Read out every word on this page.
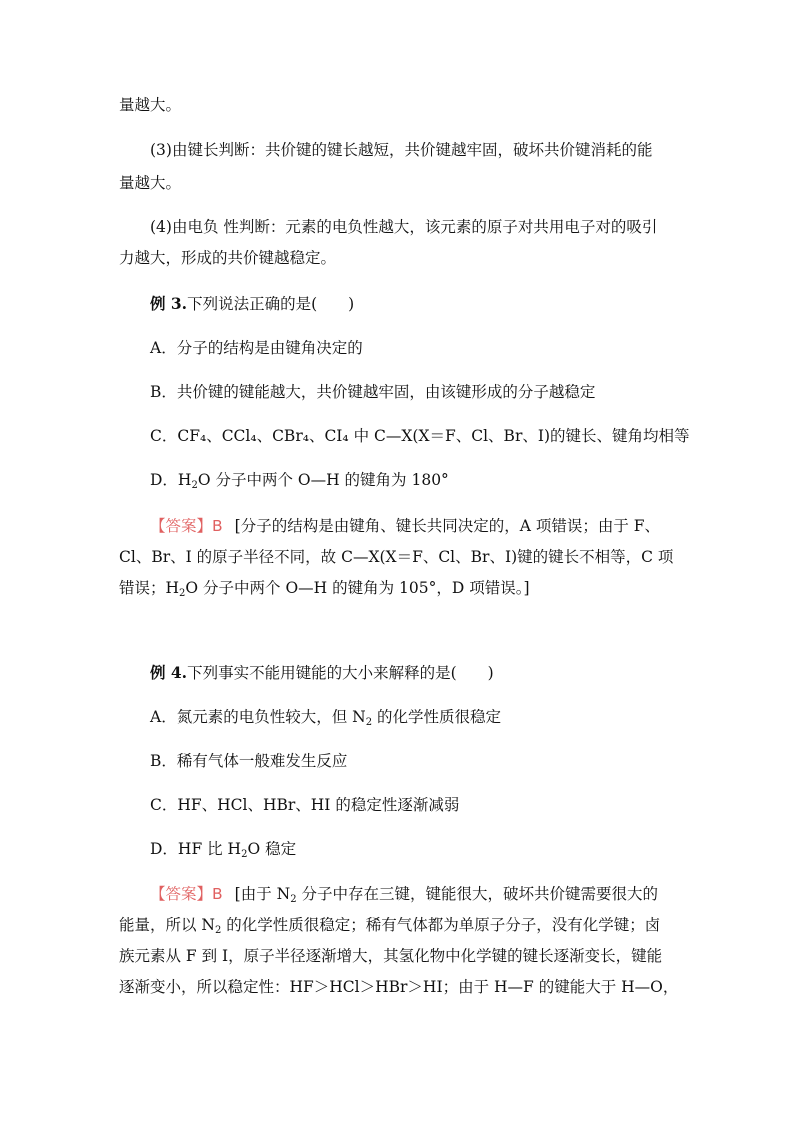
量越大。
(3)由键长判断：共价键的键长越短，共价键越牢固，破坏共价键消耗的能
量越大。
(4)由电负 性判断：元素的电负性越大，该元素的原子对共用电子对的吸引
力越大，形成的共价键越稳定。
例 3.下列说法正确的是(　　)
A．分子的结构是由键角决定的
B．共价键的键能越大，共价键越牢固，由该键形成的分子越稳定
C．CF₄、CCl₄、CBr₄、CI₄ 中 C—X(X＝F、Cl、Br、I)的键长、键角均相等
D．$H_2O$ 分子中两个 O—H 的键角为 180°
【答案】B [分子的结构是由键角、键长共同决定的，A 项错误；由于 F、
Cl、Br、I 的原子半径不同，故 C—X(X＝F、Cl、Br、I)键的键长不相等，C 项
错误；$H_2O$ 分子中两个 O—H 的键角为 105°，D 项错误。]
例 4.下列事实不能用键能的大小来解释的是(　　)
A．氮元素的电负性较大，但 $N_2$ 的化学性质很稳定
B．稀有气体一般难发生反应
C．HF、HCl、HBr、HI 的稳定性逐渐减弱
D．HF 比 $H_2O$ 稳定
【答案】B [由于 $N_2$ 分子中存在三键，键能很大，破坏共价键需要很大的
能量，所以 $N_2$ 的化学性质很稳定；稀有气体都为单原子分子，没有化学键；卤
族元素从 F 到 I，原子半径逐渐增大，其氢化物中化学键的键长逐渐变长，键能
逐渐变小，所以稳定性：HF＞HCl＞HBr＞HI；由于 H—F 的键能大于 H—O，
